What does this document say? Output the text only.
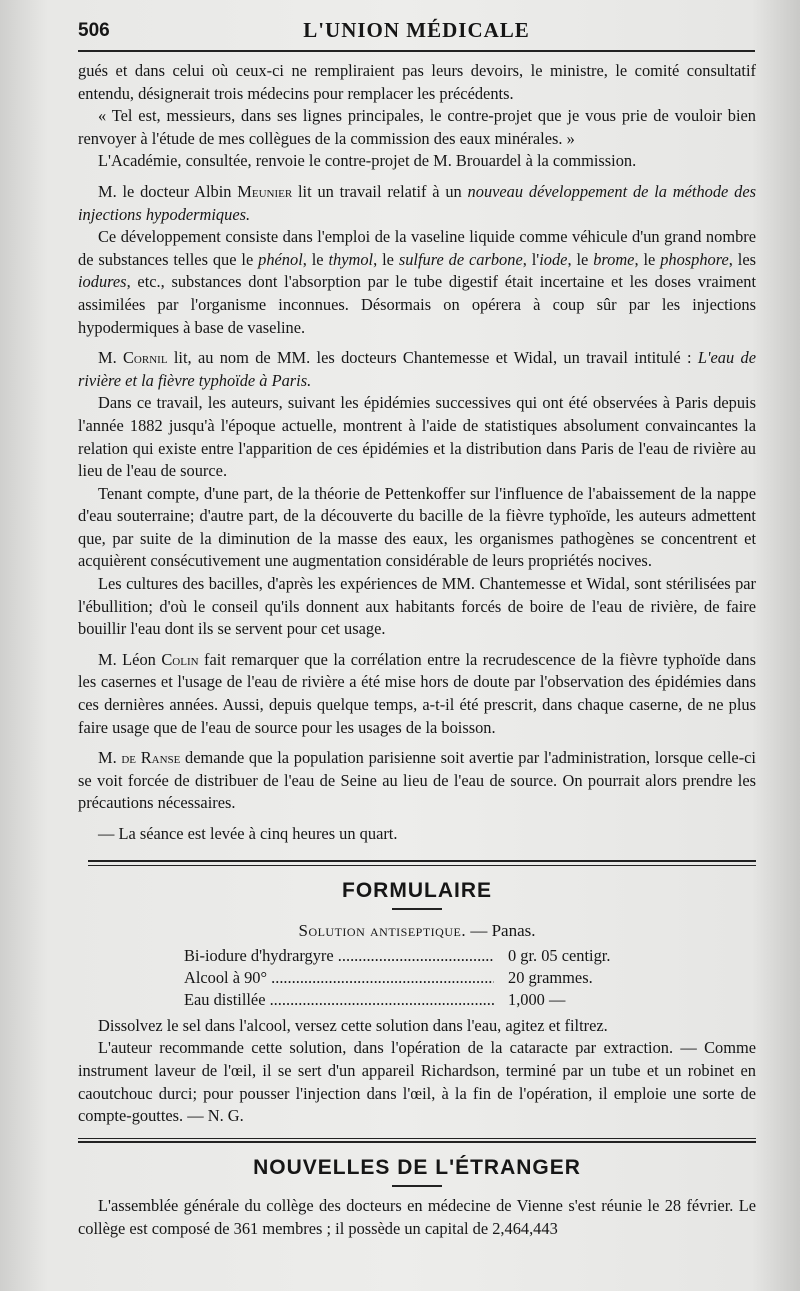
506	L'UNION MÉDICALE

gués et dans celui où ceux-ci ne rempliraient pas leurs devoirs, le ministre, le comité consultatif entendu, désignerait trois médecins pour remplacer les précédents.

« Tel est, messieurs, dans ses lignes principales, le contre-projet que je vous prie de vouloir bien renvoyer à l'étude de mes collègues de la commission des eaux minérales. »

L'Académie, consultée, renvoie le contre-projet de M. Brouardel à la commission.

M. le docteur Albin Meunier lit un travail relatif à un nouveau développement de la méthode des injections hypodermiques.

Ce développement consiste dans l'emploi de la vaseline liquide comme véhicule d'un grand nombre de substances telles que le phénol, le thymol, le sulfure de carbone, l'iode, le brome, le phosphore, les iodures, etc., substances dont l'absorption par le tube digestif était incertaine et les doses vraiment assimilées par l'organisme inconnues. Désormais on opérera à coup sûr par les injections hypodermiques à base de vaseline.

M. Cornil lit, au nom de MM. les docteurs Chantemesse et Widal, un travail intitulé : L'eau de rivière et la fièvre typhoïde à Paris.

Dans ce travail, les auteurs, suivant les épidémies successives qui ont été observées à Paris depuis l'année 1882 jusqu'à l'époque actuelle, montrent à l'aide de statistiques absolument convaincantes la relation qui existe entre l'apparition de ces épidémies et la distribution dans Paris de l'eau de rivière au lieu de l'eau de source.

Tenant compte, d'une part, de la théorie de Pettenkoffer sur l'influence de l'abaissement de la nappe d'eau souterraine; d'autre part, de la découverte du bacille de la fièvre typhoïde, les auteurs admettent que, par suite de la diminution de la masse des eaux, les organismes pathogènes se concentrent et acquièrent consécutivement une augmentation considérable de leurs propriétés nocives.

Les cultures des bacilles, d'après les expériences de MM. Chantemesse et Widal, sont stérilisées par l'ébullition; d'où le conseil qu'ils donnent aux habitants forcés de boire de l'eau de rivière, de faire bouillir l'eau dont ils se servent pour cet usage.

M. Léon Colin fait remarquer que la corrélation entre la recrudescence de la fièvre typhoïde dans les casernes et l'usage de l'eau de rivière a été mise hors de doute par l'observation des épidémies dans ces dernières années. Aussi, depuis quelque temps, a-t-il été prescrit, dans chaque caserne, de ne plus faire usage que de l'eau de source pour les usages de la boisson.

M. de Ranse demande que la population parisienne soit avertie par l'administration, lorsque celle-ci se voit forcée de distribuer de l'eau de Seine au lieu de l'eau de source. On pourrait alors prendre les précautions nécessaires.

— La séance est levée à cinq heures un quart.

FORMULAIRE
Solution antiseptique. — Panas.
Bi-iodure d'hydrargyre .....	0 gr. 05 centigr.
Alcool à 90° .....	20 grammes.
Eau distillée .....	1,000 —

Dissolvez le sel dans l'alcool, versez cette solution dans l'eau, agitez et filtrez.

L'auteur recommande cette solution, dans l'opération de la cataracte par extraction. — Comme instrument laveur de l'œil, il se sert d'un appareil Richardson, terminé par un tube et un robinet en caoutchouc durci; pour pousser l'injection dans l'œil, à la fin de l'opération, il emploie une sorte de compte-gouttes. — N. G.

NOUVELLES DE L'ÉTRANGER

L'assemblée générale du collège des docteurs en médecine de Vienne s'est réunie le 28 février. Le collège est composé de 361 membres ; il possède un capital de 2,464,443
